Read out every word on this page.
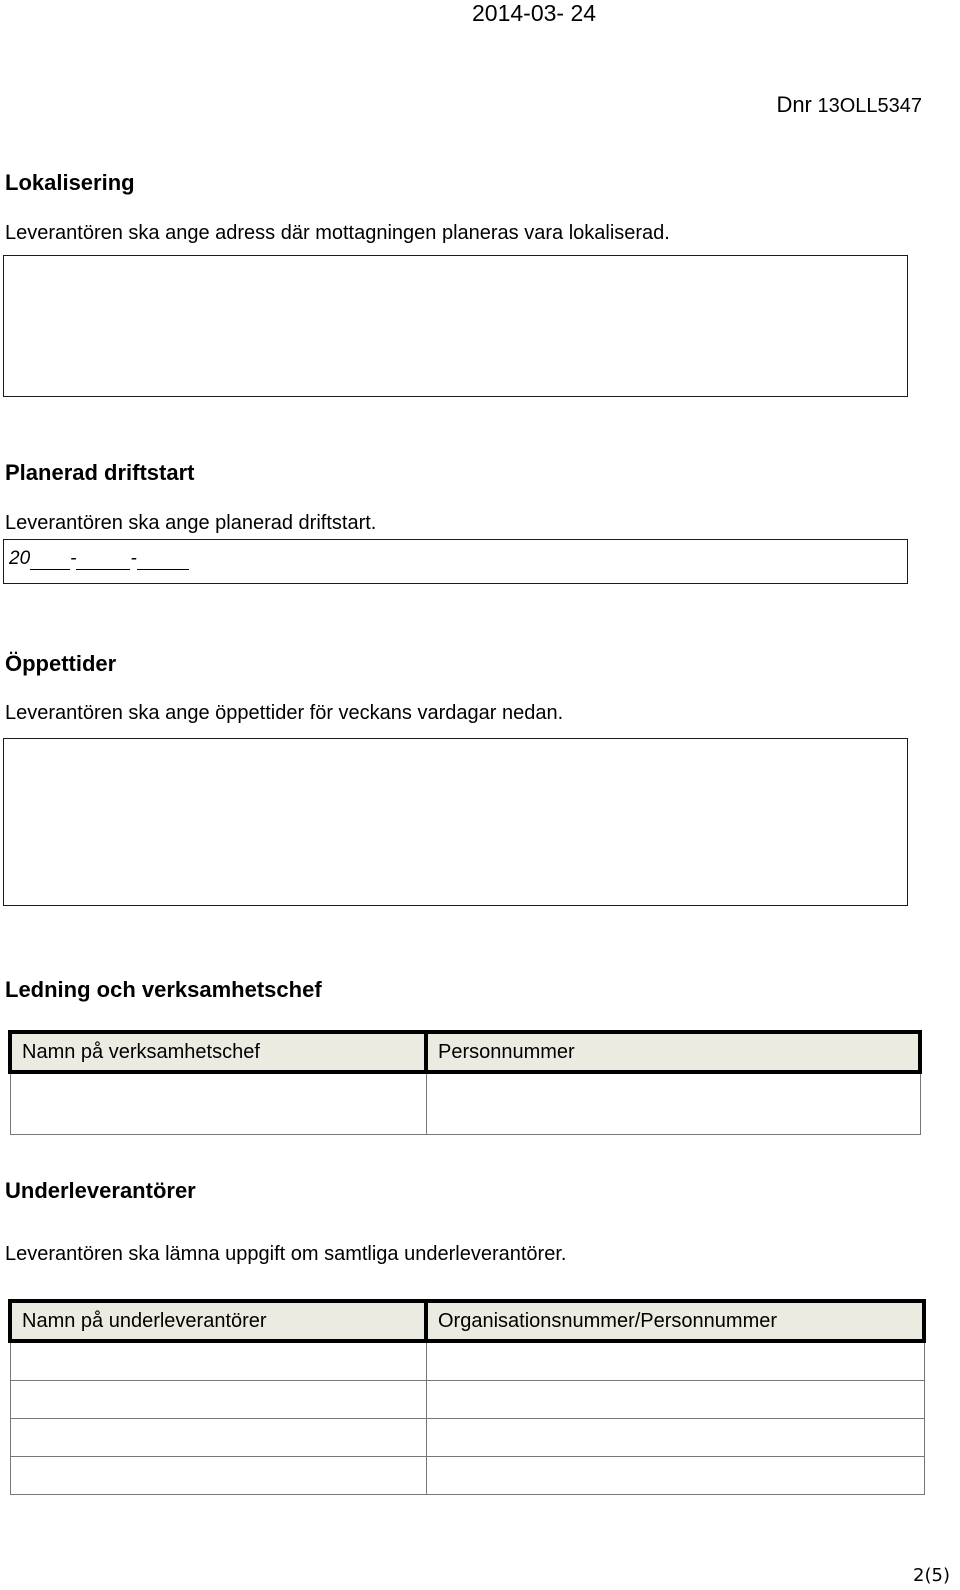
2014-03- 24
Dnr 13OLL5347
Lokalisering
Leverantören ska ange adress där mottagningen planeras vara lokaliserad.
Planerad driftstart
Leverantören ska ange planerad driftstart.
20 -	-
Öppettider
Leverantören ska ange öppettider för veckans vardagar nedan.
Ledning och verksamhetschef
Namn på verksamhetschef	Personnummer

Underleverantörer
Leverantören ska lämna uppgift om samtliga underleverantörer.
Namn på underleverantörer	Organisationsnummer/Personnummer

2(5)
